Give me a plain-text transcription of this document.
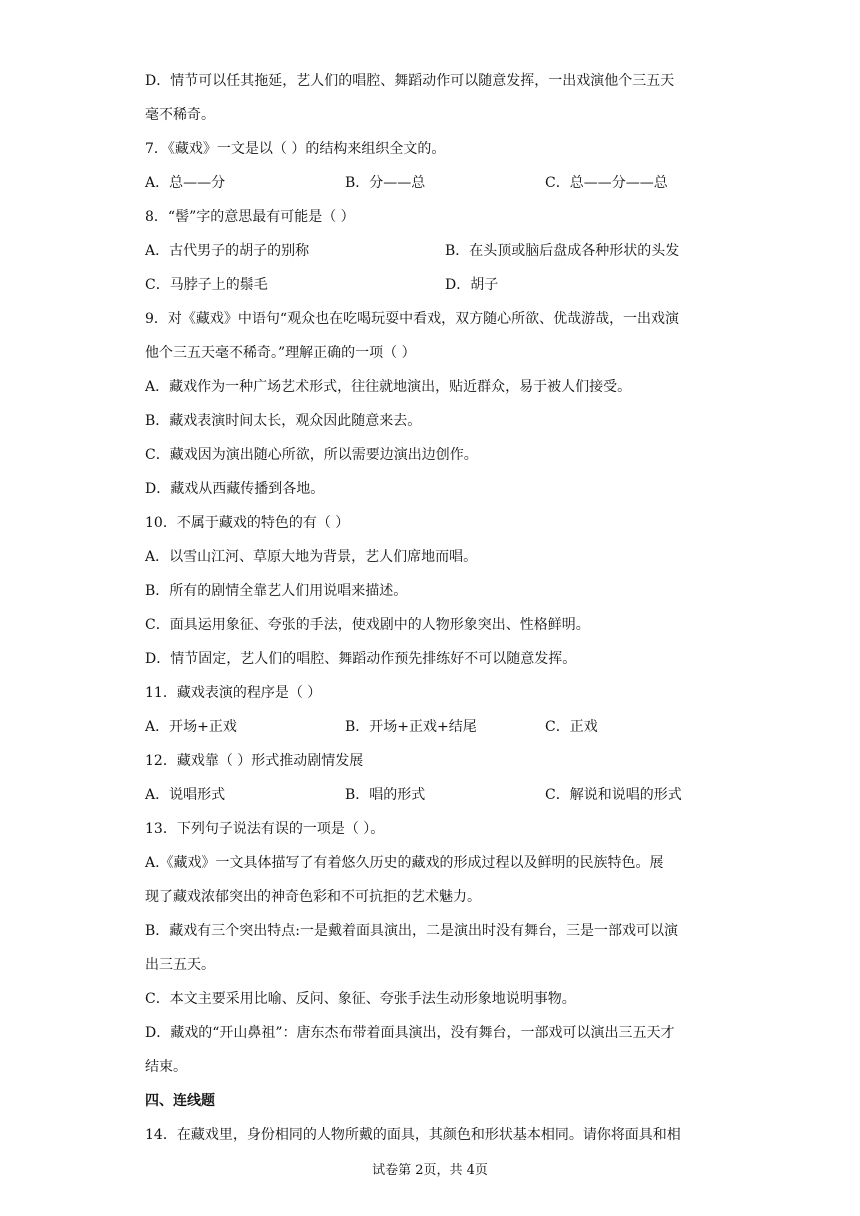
D．情节可以任其拖延，艺人们的唱腔、舞蹈动作可以随意发挥，一出戏演他个三五天
毫不稀奇。
7．《藏戏》一文是以（ ）的结构来组织全文的。
A．总——分	B．分——总	C．总——分——总
8．“髻”字的意思最有可能是（ ）
A．古代男子的胡子的别称	B．在头顶或脑后盘成各种形状的头发
C．马脖子上的鬃毛	D．胡子
9．对《藏戏》中语句“观众也在吃喝玩耍中看戏，双方随心所欲、优哉游哉，一出戏演
他个三五天毫不稀奇。”理解正确的一项（ ）
A．藏戏作为一种广场艺术形式，往往就地演出，贴近群众，易于被人们接受。
B．藏戏表演时间太长，观众因此随意来去。
C．藏戏因为演出随心所欲，所以需要边演出边创作。
D．藏戏从西藏传播到各地。
10．不属于藏戏的特色的有（ ）
A．以雪山江河、草原大地为背景，艺人们席地而唱。
B．所有的剧情全靠艺人们用说唱来描述。
C．面具运用象征、夸张的手法，使戏剧中的人物形象突出、性格鲜明。
D．情节固定，艺人们的唱腔、舞蹈动作预先排练好不可以随意发挥。
11．藏戏表演的程序是（ ）
A．开场+正戏	B．开场+正戏+结尾	C．正戏
12．藏戏靠（ ）形式推动剧情发展
A．说唱形式	B．唱的形式	C．解说和说唱的形式
13．下列句子说法有误的一项是（ ）。
A.《藏戏》一文具体描写了有着悠久历史的藏戏的形成过程以及鲜明的民族特色。展
现了藏戏浓郁突出的神奇色彩和不可抗拒的艺术魅力。
B．藏戏有三个突出特点:一是戴着面具演出，二是演出时没有舞台，三是一部戏可以演
出三五天。
C．本文主要采用比喻、反问、象征、夸张手法生动形象地说明事物。
D．藏戏的“开山鼻祖”：唐东杰布带着面具演出，没有舞台，一部戏可以演出三五天才
结束。
四、连线题
14．在藏戏里，身份相同的人物所戴的面具，其颜色和形状基本相同。请你将面具和相
试卷第 2页，共 4页
